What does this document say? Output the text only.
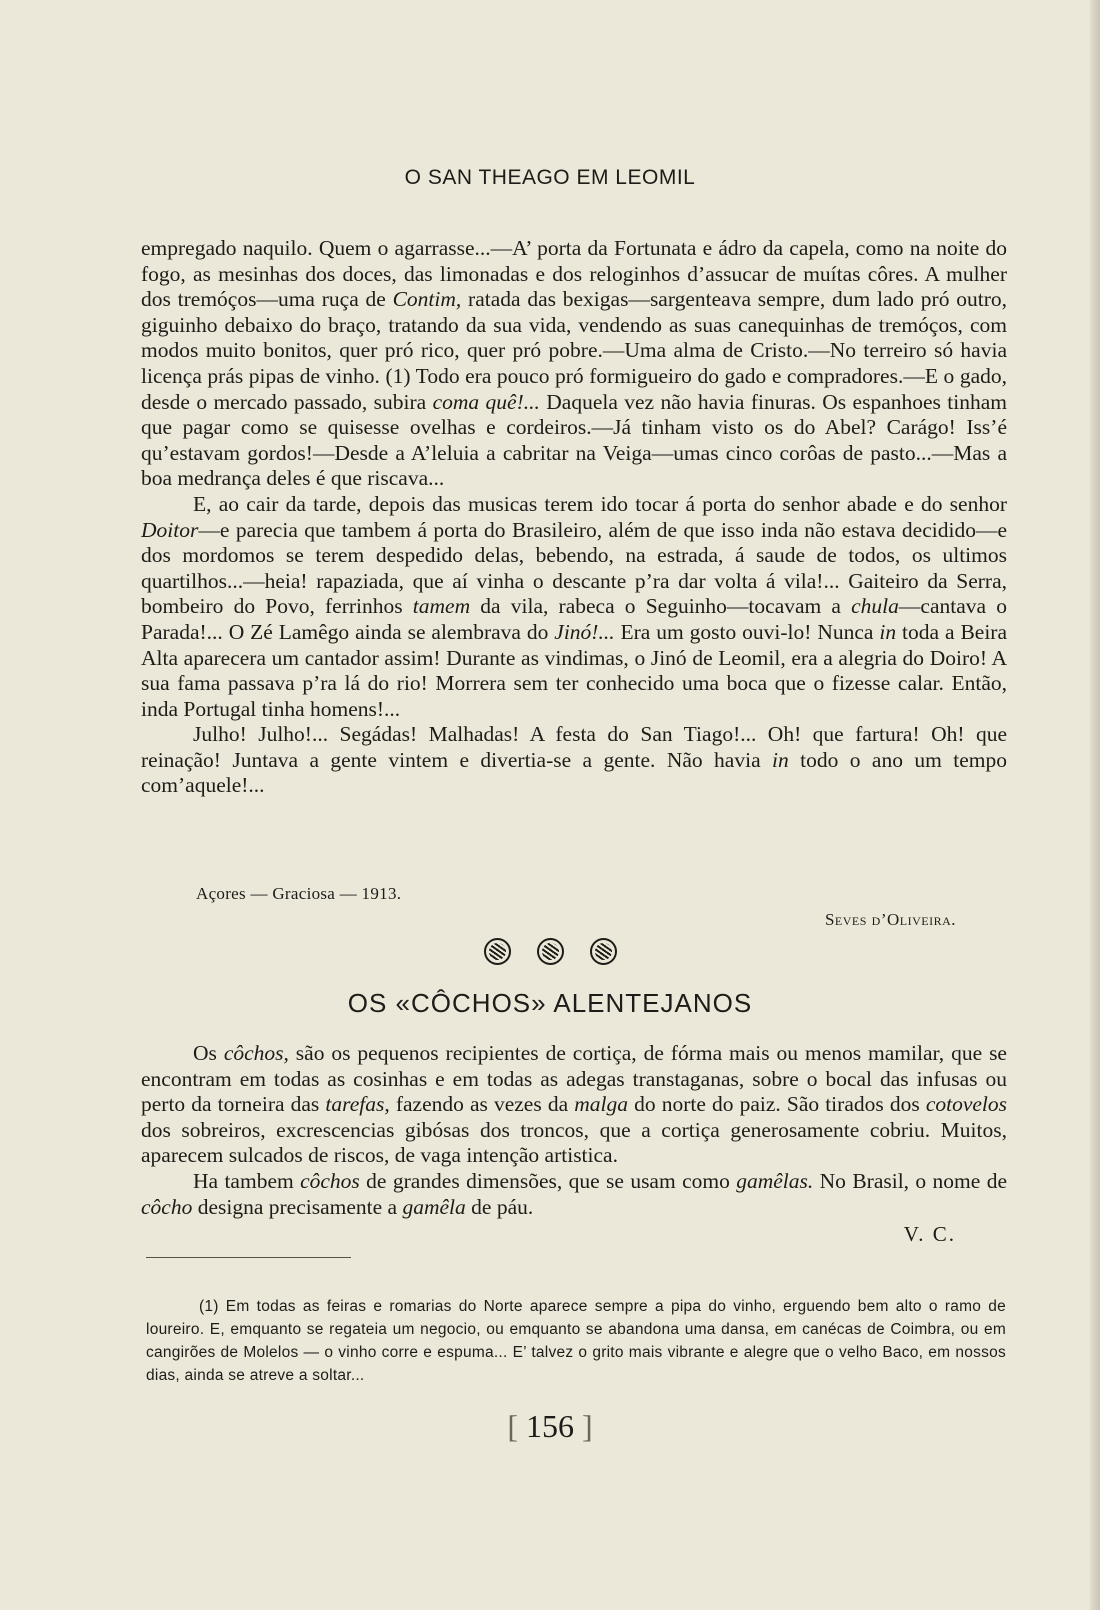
O SAN THEAGO EM LEOMIL

empregado naquilo. Quem o agarrasse...—A’ porta da Fortunata e ádro da capela, como na noite do fogo, as mesinhas dos doces, das limonadas e dos reloginhos d’assucar de muítas côres. A mulher dos tremóços—uma ruça de Contim, ratada das bexigas—sargenteava sempre, dum lado pró outro, giguinho debaixo do braço, tratando da sua vida, vendendo as suas canequinhas de tremóços, com modos muito bonitos, quer pró rico, quer pró pobre.—Uma alma de Cristo.—No terreiro só havia licença prás pipas de vinho. (1) Todo era pouco pró formigueiro do gado e compradores.—E o gado, desde o mercado passado, subira coma quê!... Daquela vez não havia finuras. Os espanhoes tinham que pagar como se quisesse ovelhas e cordeiros.—Já tinham visto os do Abel? Carágo! Iss’é qu’estavam gordos!—Desde a A’leluia a cabritar na Veiga—umas cinco corôas de pasto...—Mas a boa medrança deles é que riscava...

E, ao cair da tarde, depois das musicas terem ido tocar á porta do senhor abade e do senhor Doitor—e parecia que tambem á porta do Brasileiro, além de que isso inda não estava decidido—e dos mordomos se terem despedido delas, bebendo, na estrada, á saude de todos, os ultimos quartilhos...—heia! rapaziada, que aí vinha o descante p’ra dar volta á vila!... Gaiteiro da Serra, bombeiro do Povo, ferrinhos tamem da vila, rabeca o Seguinho—tocavam a chula—cantava o Parada!... O Zé Lamêgo ainda se alembrava do Jinó!... Era um gosto ouvi-lo! Nunca in toda a Beira Alta aparecera um cantador assim! Durante as vindimas, o Jinó de Leomil, era a alegria do Doiro! A sua fama passava p’ra lá do rio! Morrera sem ter conhecido uma boca que o fizesse calar. Então, inda Portugal tinha homens!...

Julho! Julho!... Segádas! Malhadas! A festa do San Tiago!... Oh! que fartura! Oh! que reinação! Juntava a gente vintem e divertia-se a gente. Não havia in todo o ano um tempo com’aquele!...

Açores — Graciosa — 1913.
Seves d’Oliveira.

OS «CÔCHOS» ALENTEJANOS

Os côchos, são os pequenos recipientes de cortiça, de fórma mais ou menos mamilar, que se encontram em todas as cosinhas e em todas as adegas transtaganas, sobre o bocal das infusas ou perto da torneira das tarefas, fazendo as vezes da malga do norte do paiz. São tirados dos cotovelos dos sobreiros, excrescencias gibósas dos troncos, que a cortiça generosamente cobriu. Muitos, aparecem sulcados de riscos, de vaga intenção artistica.

Ha tambem côchos de grandes dimensões, que se usam como gamêlas. No Brasil, o nome de côcho designa precisamente a gamêla de páu.

V. C.
(1) Em todas as feiras e romarias do Norte aparece sempre a pipa do vinho, erguendo bem alto o ramo de loureiro. E, emquanto se regateia um negocio, ou emquanto se abandona uma dansa, em canécas de Coimbra, ou em cangirões de Molelos — o vinho corre e espuma... E’ talvez o grito mais vibrante e alegre que o velho Baco, em nossos dias, ainda se atreve a soltar...
[ 156 ]
